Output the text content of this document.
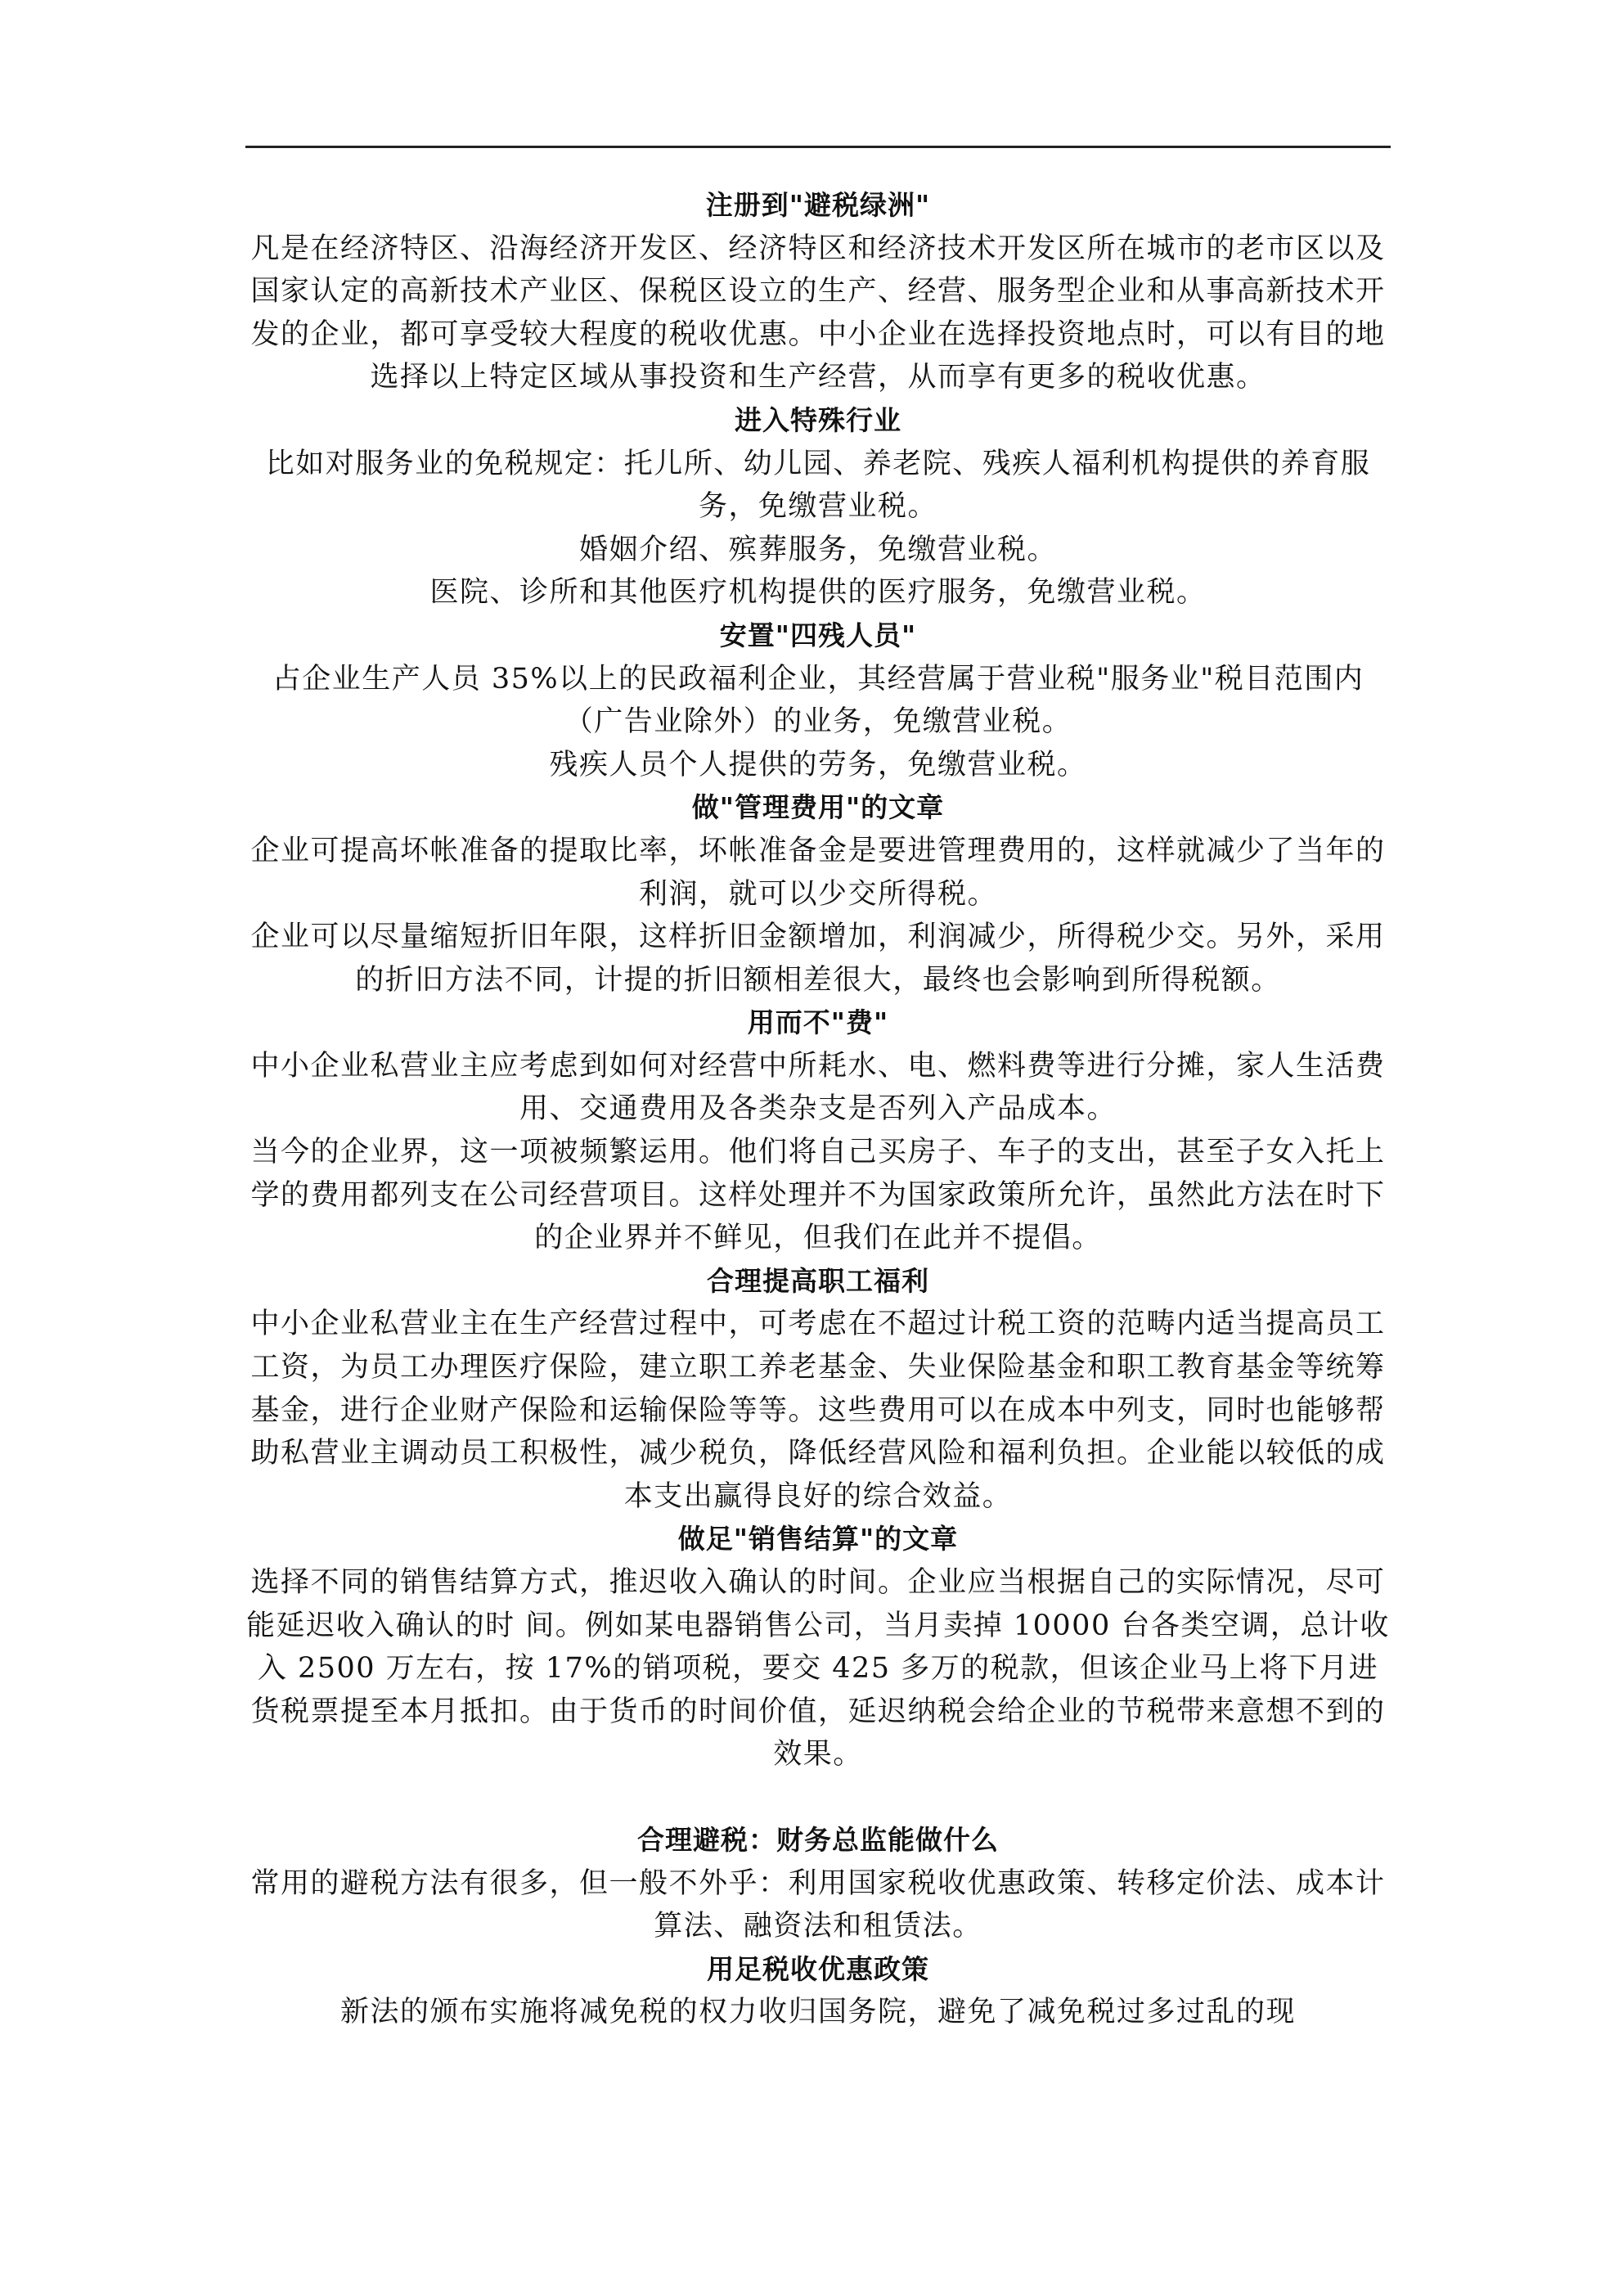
注册到"避税绿洲"

凡是在经济特区、沿海经济开发区、经济特区和经济技术开发区所在城市的老市区以及国家认定的高新技术产业区、保税区设立的生产、经营、服务型企业和从事高新技术开发的企业，都可享受较大程度的税收优惠。中小企业在选择投资地点时，可以有目的地选择以上特定区域从事投资和生产经营，从而享有更多的税收优惠。

进入特殊行业

比如对服务业的免税规定：托儿所、幼儿园、养老院、残疾人福利机构提供的养育服务，免缴营业税。

婚姻介绍、殡葬服务，免缴营业税。

医院、诊所和其他医疗机构提供的医疗服务，免缴营业税。

安置"四残人员"

占企业生产人员 35%以上的民政福利企业，其经营属于营业税"服务业"税目范围内（广告业除外）的业务，免缴营业税。

残疾人员个人提供的劳务，免缴营业税。

做"管理费用"的文章

企业可提高坏帐准备的提取比率，坏帐准备金是要进管理费用的，这样就减少了当年的利润，就可以少交所得税。

企业可以尽量缩短折旧年限，这样折旧金额增加，利润减少，所得税少交。另外，采用的折旧方法不同，计提的折旧额相差很大，最终也会影响到所得税额。

用而不"费"

中小企业私营业主应考虑到如何对经营中所耗水、电、燃料费等进行分摊，家人生活费用、交通费用及各类杂支是否列入产品成本。

当今的企业界，这一项被频繁运用。他们将自己买房子、车子的支出，甚至子女入托上学的费用都列支在公司经营项目。这样处理并不为国家政策所允许，虽然此方法在时下的企业界并不鲜见，但我们在此并不提倡。

合理提高职工福利

中小企业私营业主在生产经营过程中，可考虑在不超过计税工资的范畴内适当提高员工工资，为员工办理医疗保险，建立职工养老基金、失业保险基金和职工教育基金等统筹基金，进行企业财产保险和运输保险等等。这些费用可以在成本中列支，同时也能够帮助私营业主调动员工积极性，减少税负，降低经营风险和福利负担。企业能以较低的成本支出赢得良好的综合效益。

做足"销售结算"的文章

选择不同的销售结算方式，推迟收入确认的时间。企业应当根据自己的实际情况，尽可能延迟收入确认的时 间。例如某电器销售公司，当月卖掉 10000 台各类空调，总计收入 2500 万左右，按 17%的销项税，要交 425 多万的税款，但该企业马上将下月进货税票提至本月抵扣。由于货币的时间价值，延迟纳税会给企业的节税带来意想不到的效果。

合理避税：财务总监能做什么

常用的避税方法有很多，但一般不外乎：利用国家税收优惠政策、转移定价法、成本计算法、融资法和租赁法。

用足税收优惠政策

新法的颁布实施将减免税的权力收归国务院，避免了减免税过多过乱的现
